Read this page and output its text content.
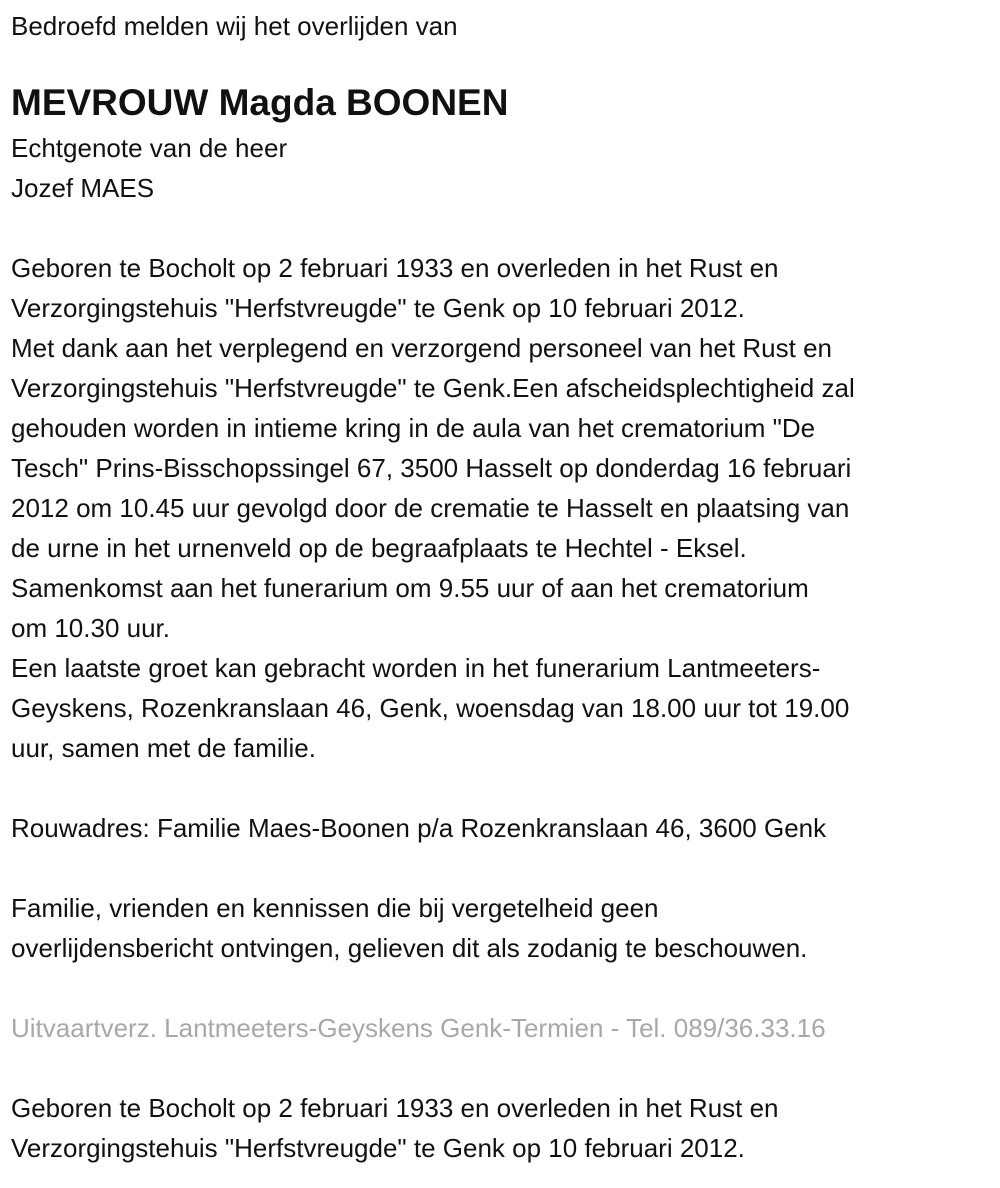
Bedroefd melden wij het overlijden van
MEVROUW Magda BOONEN
Echtgenote van de heer
Jozef MAES
Geboren te Bocholt op 2 februari 1933 en overleden in het Rust en
Verzorgingstehuis "Herfstvreugde" te Genk op 10 februari 2012.
Met dank aan het verplegend en verzorgend personeel van het Rust en
Verzorgingstehuis "Herfstvreugde" te Genk.Een afscheidsplechtigheid zal
gehouden worden in intieme kring in de aula van het crematorium "De
Tesch" Prins-Bisschopssingel 67, 3500 Hasselt op donderdag 16 februari
2012 om 10.45 uur gevolgd door de crematie te Hasselt en plaatsing van
de urne in het urnenveld op de begraafplaats te Hechtel - Eksel.
Samenkomst aan het funerarium om 9.55 uur of aan het crematorium
om 10.30 uur.
Een laatste groet kan gebracht worden in het funerarium Lantmeeters-
Geyskens, Rozenkranslaan 46, Genk, woensdag van 18.00 uur tot 19.00
uur, samen met de familie.
Rouwadres: Familie Maes-Boonen p/a Rozenkranslaan 46, 3600 Genk
Familie, vrienden en kennissen die bij vergetelheid geen
overlijdensbericht ontvingen, gelieven dit als zodanig te beschouwen.
Uitvaartverz. Lantmeeters-Geyskens Genk-Termien - Tel. 089/36.33.16
Geboren te Bocholt op 2 februari 1933 en overleden in het Rust en
Verzorgingstehuis "Herfstvreugde" te Genk op 10 februari 2012.
